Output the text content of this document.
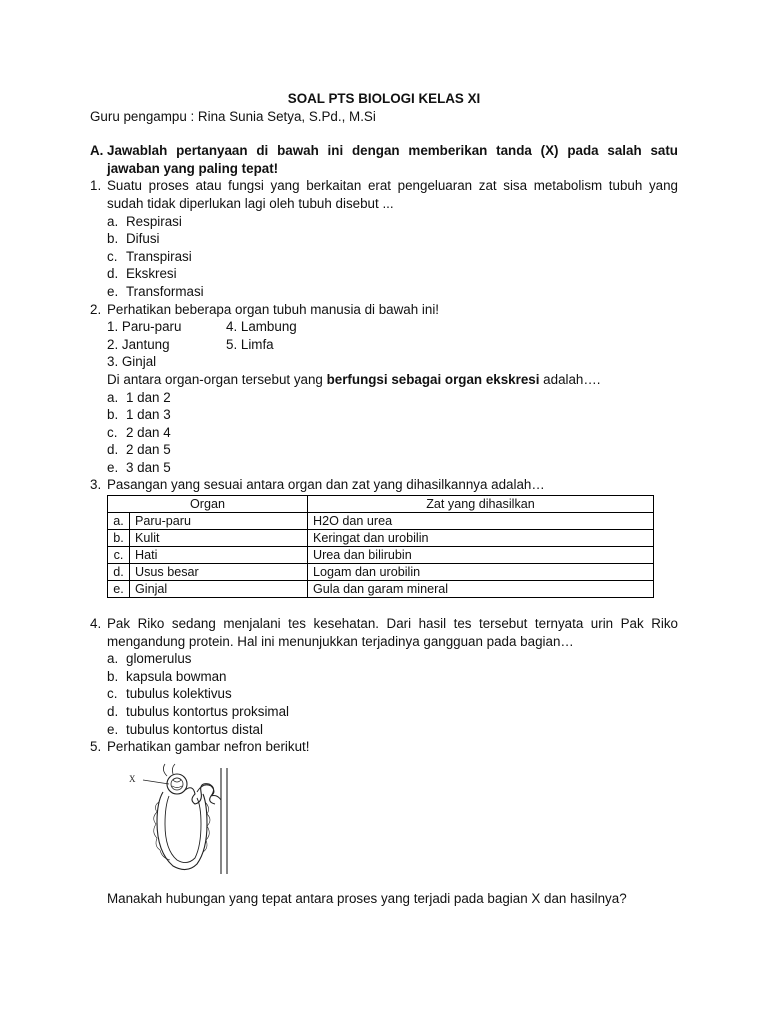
SOAL PTS BIOLOGI KELAS XI
Guru pengampu : Rina Sunia Setya, S.Pd., M.Si
A. Jawablah pertanyaan di bawah ini dengan memberikan tanda (X) pada salah satu jawaban yang paling tepat!
1. Suatu proses atau fungsi yang berkaitan erat pengeluaran zat sisa metabolism tubuh yang sudah tidak diperlukan lagi oleh tubuh disebut ...
a. Respirasi
b. Difusi
c. Transpirasi
d. Ekskresi
e. Transformasi
2. Perhatikan beberapa organ tubuh manusia di bawah ini!
1. Paru-paru	4. Lambung
2. Jantung	5. Limfa
3. Ginjal
Di antara organ-organ tersebut yang berfungsi sebagai organ ekskresi adalah….
a. 1 dan 2
b. 1 dan 3
c. 2 dan 4
d. 2 dan 5
e. 3 dan 5
3. Pasangan yang sesuai antara organ dan zat yang dihasilkannya adalah…
Organ		Zat yang dihasilkan
a.	Paru-paru	H2O dan urea
b.	Kulit	Keringat dan urobilin
c.	Hati	Urea dan bilirubin
d.	Usus besar	Logam dan urobilin
e.	Ginjal	Gula dan garam mineral
4. Pak Riko sedang menjalani tes kesehatan. Dari hasil tes tersebut ternyata urin Pak Riko mengandung protein. Hal ini menunjukkan terjadinya gangguan pada bagian…
a. glomerulus
b. kapsula bowman
c. tubulus kolektivus
d. tubulus kontortus proksimal
e. tubulus kontortus distal
5. Perhatikan gambar nefron berikut!
X
Manakah hubungan yang tepat antara proses yang terjadi pada bagian X dan hasilnya?
